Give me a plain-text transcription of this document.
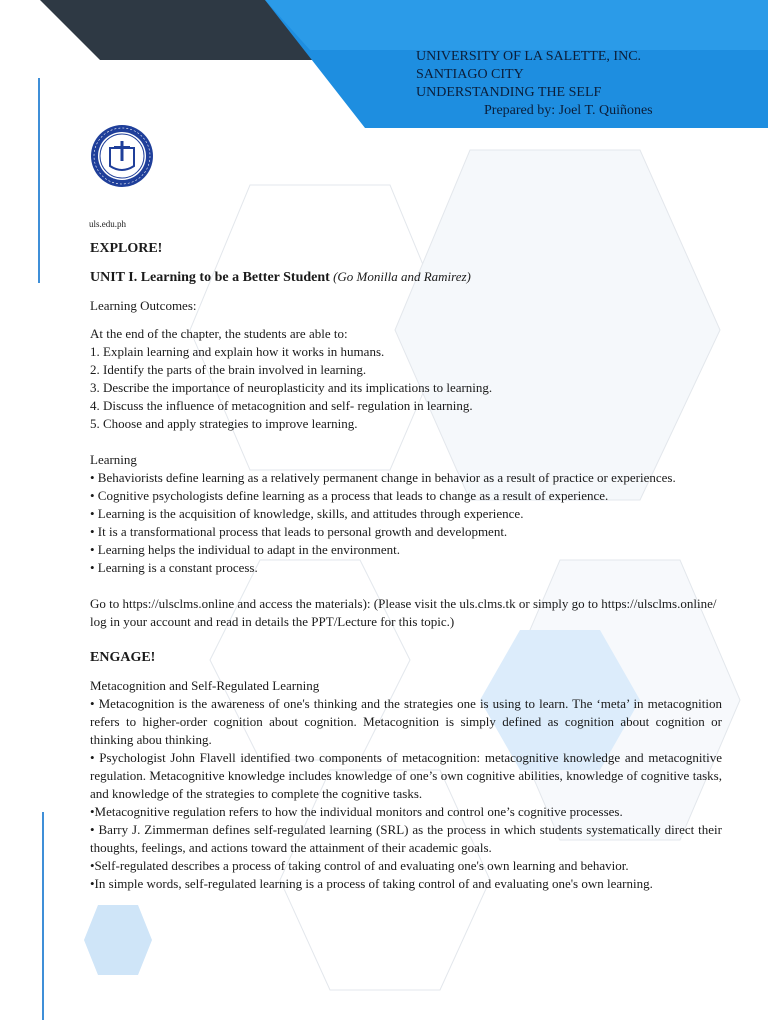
UNIVERSITY OF LA SALETTE, INC.
SANTIAGO CITY
UNDERSTANDING THE SELF
Prepared by: Joel T. Quiñones
uls.edu.ph

EXPLORE!

UNIT I. Learning to be a Better Student (Go Monilla and Ramirez)

Learning Outcomes:

At the end of the chapter, the students are able to:

1. Explain learning and explain how it works in humans.
2. Identify the parts of the brain involved in learning.
3. Describe the importance of neuroplasticity and its implications to learning.
4. Discuss the influence of metacognition and self- regulation in learning.
5. Choose and apply strategies to improve learning.

Learning

• Behaviorists define learning as a relatively permanent change in behavior as a result of practice or experiences.
• Cognitive psychologists define learning as a process that leads to change as a result of experience.
• Learning is the acquisition of knowledge, skills, and attitudes through experience.
• It is a transformational process that leads to personal growth and development.
• Learning helps the individual to adapt in the environment.
• Learning is a constant process.

Go to https://ulsclms.online and access the materials): (Please visit the uls.clms.tk or simply go to https://ulsclms.online/ log in your account and read in details the PPT/Lecture for this topic.)

ENGAGE!

Metacognition and Self-Regulated Learning

• Metacognition is the awareness of one's thinking and the strategies one is using to learn. The ‘meta’ in metacognition refers to higher-order cognition about cognition. Metacognition is simply defined as cognition about cognition or thinking abou thinking.
• Psychologist John Flavell identified two components of metacognition: metacognitive knowledge and metacognitive regulation. Metacognitive knowledge includes knowledge of one’s own cognitive abilities, knowledge of cognitive tasks, and knowledge of the strategies to complete the cognitive tasks.
•Metacognitive regulation refers to how the individual monitors and control one’s cognitive processes.
• Barry J. Zimmerman defines self-regulated learning (SRL) as the process in which students systematically direct their thoughts, feelings, and actions toward the attainment of their academic goals.
•Self-regulated describes a process of taking control of and evaluating one's own learning and behavior.
•In simple words, self-regulated learning is a process of taking control of and evaluating one's own learning.
